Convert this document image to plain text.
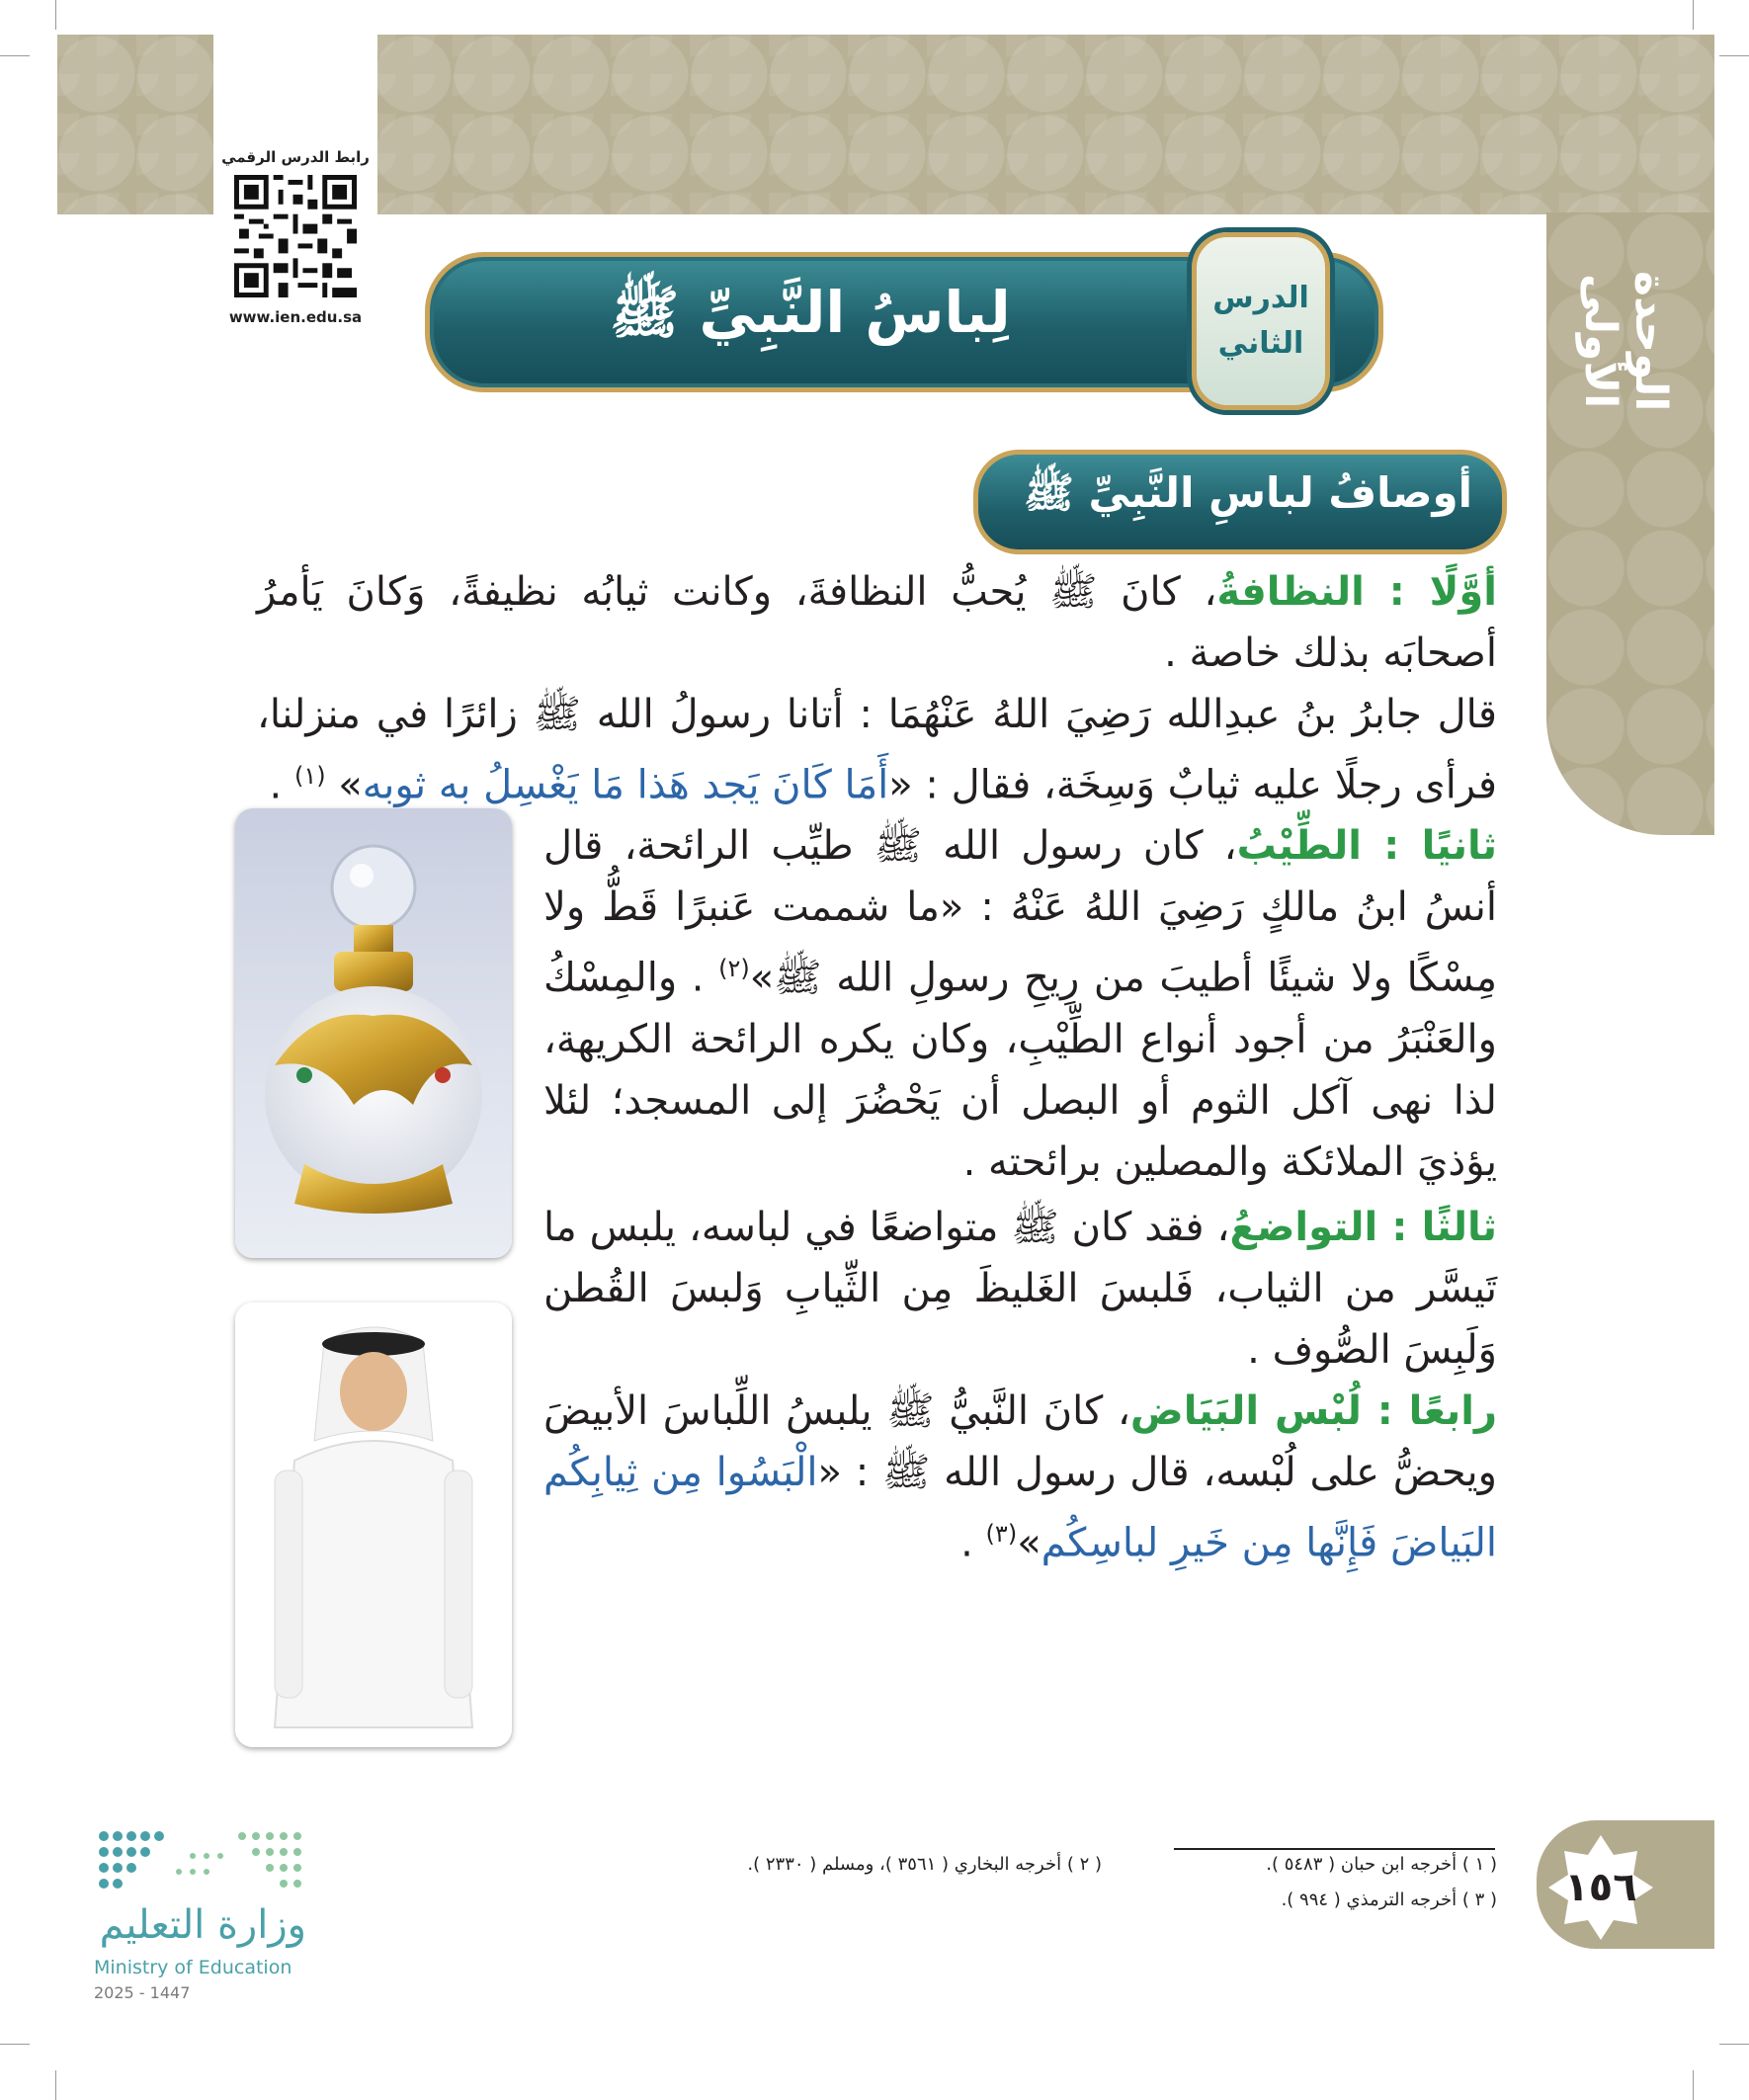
الوحدة الأولى
رابط الدرس الرقمي
www.ien.edu.sa	لِباسُ النَّبِيِّ ﷺ	الدرس
الثاني
أوصافُ لباسِ النَّبِيِّ ﷺ

أوَّلًا : النظافةُ، كانَ ﷺ يُحبُّ النظافةَ، وكانت ثيابُه نظيفةً، وَكانَ يَأمرُ أصحابَه بذلك خاصة .

قال جابرُ بنُ عبدِالله رَضِيَ اللهُ عَنْهُمَا : أتانا رسولُ الله ﷺ زائرًا في منزلنا، فرأى رجلًا عليه ثيابٌ وَسِخَة، فقال : «أَمَا كَانَ يَجد هَذا مَا يَغْسِلُ به ثوبه» $^{(١)}$ .

ثانيًا : الطِّيْبُ، كان رسول الله ﷺ طيِّب الرائحة، قال أنسُ ابنُ مالكٍ رَضِيَ اللهُ عَنْهُ : «ما شممت عَنبرًا قَطُّ ولا مِسْكًا ولا شيئًا أطيبَ من رِيحِ رسولِ الله ﷺ»$^{(٢)}$ . والمِسْكُ والعَنْبَرُ من أجود أنواع الطِّيْبِ، وكان يكره الرائحة الكريهة، لذا نهى آكل الثوم أو البصل أن يَحْضُرَ إلى المسجد؛ لئلا يؤذيَ الملائكة والمصلين برائحته .

ثالثًا : التواضعُ، فقد كان ﷺ متواضعًا في لباسه، يلبس ما تَيسَّر من الثياب، فَلبسَ الغَليظَ مِن الثِّيابِ وَلبسَ القُطن وَلَبِسَ الصُّوف .

رابعًا : لُبْس البَيَاض، كانَ النَّبيُّ ﷺ يلبسُ اللِّباسَ الأبيضَ ويحضُّ على لُبْسه، قال رسول الله ﷺ : «الْبَسُوا مِن ثِيابِكُم البَياضَ فَإِنَّها مِن خَيرِ لباسِكُم»$^{(٣)}$ .

( ١ ) أخرجه ابن حبان ( ٥٤٨٣ ).
( ٢ ) أخرجه البخاري ( ٣٥٦١ )، ومسلم ( ٢٣٣٠ ).
( ٣ ) أخرجه الترمذي ( ٩٩٤ ). ١٥٦
وزارة التعليم
Ministry of Education
2025 - 1447
